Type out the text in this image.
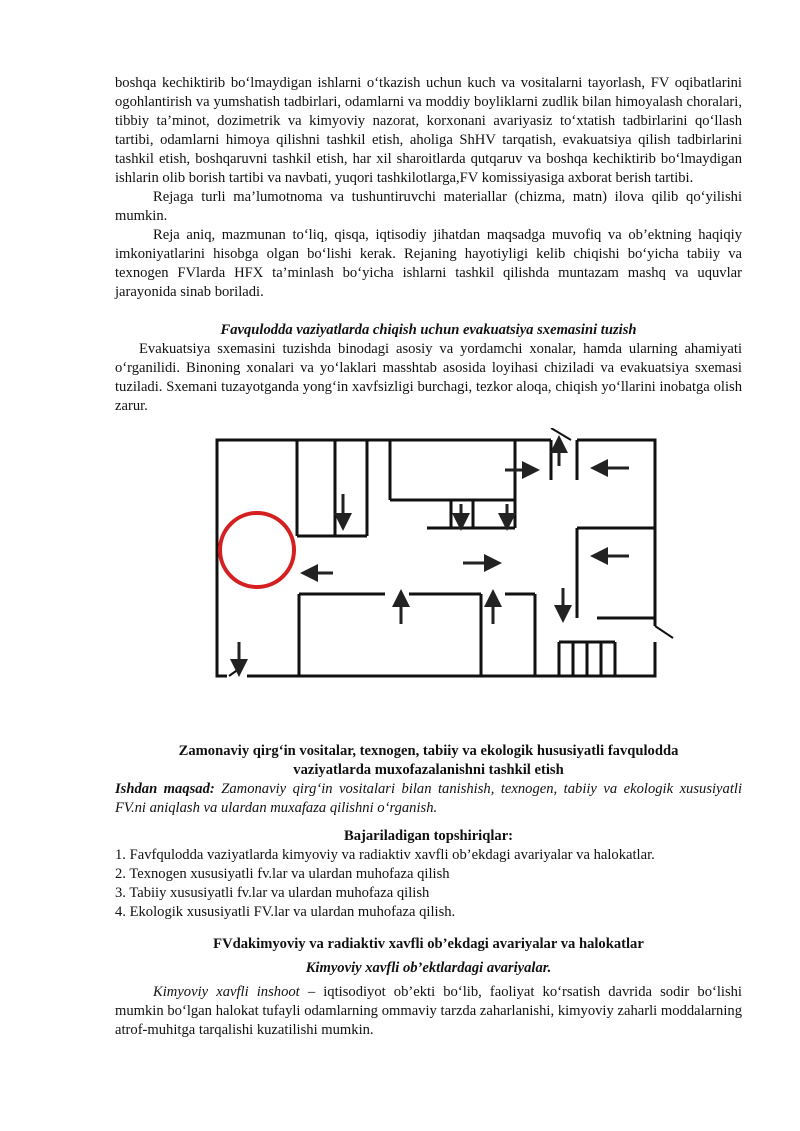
boshqa kechiktirib bo‘lmaydigan ishlarni o‘tkazish uchun kuch va vositalarni tayorlash, FV oqibatlarini ogohlantirish va yumshatish tadbirlari, odamlarni va moddiy boyliklarni zudlik bilan himoyalash choralari, tibbiy ta’minot, dozimetrik va kimyoviy nazorat, korxonani avariyasiz to‘xtatish tadbirlarini qo‘llash tartibi, odamlarni himoya qilishni tashkil etish, aholiga ShHV tarqatish, evakuatsiya qilish tadbirlarini tashkil etish, boshqaruvni tashkil etish, har xil sharoitlarda qutqaruv va boshqa kechiktirib bo‘lmaydigan ishlarin olib borish tartibi va navbati, yuqori tashkilotlarga,FV komissiyasiga axborat berish tartibi.

Rejaga turli ma’lumotnoma va tushuntiruvchi materiallar (chizma, matn) ilova qilib qo‘yilishi mumkin.

Reja aniq, mazmunan to‘liq, qisqa, iqtisodiy jihatdan maqsadga muvofiq va ob’ektning haqiqiy imkoniyatlarini hisobga olgan bo‘lishi kerak. Rejaning hayotiyligi kelib chiqishi bo‘yicha tabiiy va texnogen FVlarda HFX ta’minlash bo‘yicha ishlarni tashkil qilishda muntazam mashq va uquvlar jarayonida sinab boriladi.

Favqulodda vaziyatlarda chiqish uchun evakuatsiya sxemasini tuzish

Evakuatsiya sxemasini tuzishda binodagi asosiy va yordamchi xonalar, hamda ularning ahamiyati o‘rganilidi. Binoning xonalari va yo‘laklari masshtab asosida loyihasi chiziladi va evakuatsiya sxemasi tuziladi. Sxemani tuzayotganda yong‘in xavfsizligi burchagi, tezkor aloqa, chiqish yo‘llarini inobatga olish zarur.

Zamonaviy qirg‘in vositalar, texnogen, tabiiy va ekologik hususiyatli favqulodda
vaziyatlarda muxofazalanishni tashkil etish

Ishdan maqsad: Zamonaviy qirg‘in vositalari bilan tanishish, texnogen, tabiiy va ekologik xususiyatli FV.ni aniqlash va ulardan muxafaza qilishni o‘rganish.

Bajariladigan topshiriqlar:

1. Favfqulodda vaziyatlarda kimyoviy va radiaktiv xavfli ob’ekdagi avariyalar va halokatlar.

2. Texnogen xususiyatli fv.lar va ulardan muhofaza qilish

3. Tabiiy xususiyatli fv.lar va ulardan muhofaza qilish

4. Ekologik xususiyatli FV.lar va ulardan muhofaza qilish.

FVdakimyoviy va radiaktiv xavfli ob’ekdagi avariyalar va halokatlar

Kimyoviy xavfli ob’ektlardagi avariyalar.

Kimyoviy xavfli inshoot – iqtisodiyot ob’ekti bo‘lib, faoliyat ko‘rsatish davrida sodir bo‘lishi mumkin bo‘lgan halokat tufayli odamlarning ommaviy tarzda zaharlanishi, kimyoviy zaharli moddalarning atrof-muhitga tarqalishi kuzatilishi mumkin.
